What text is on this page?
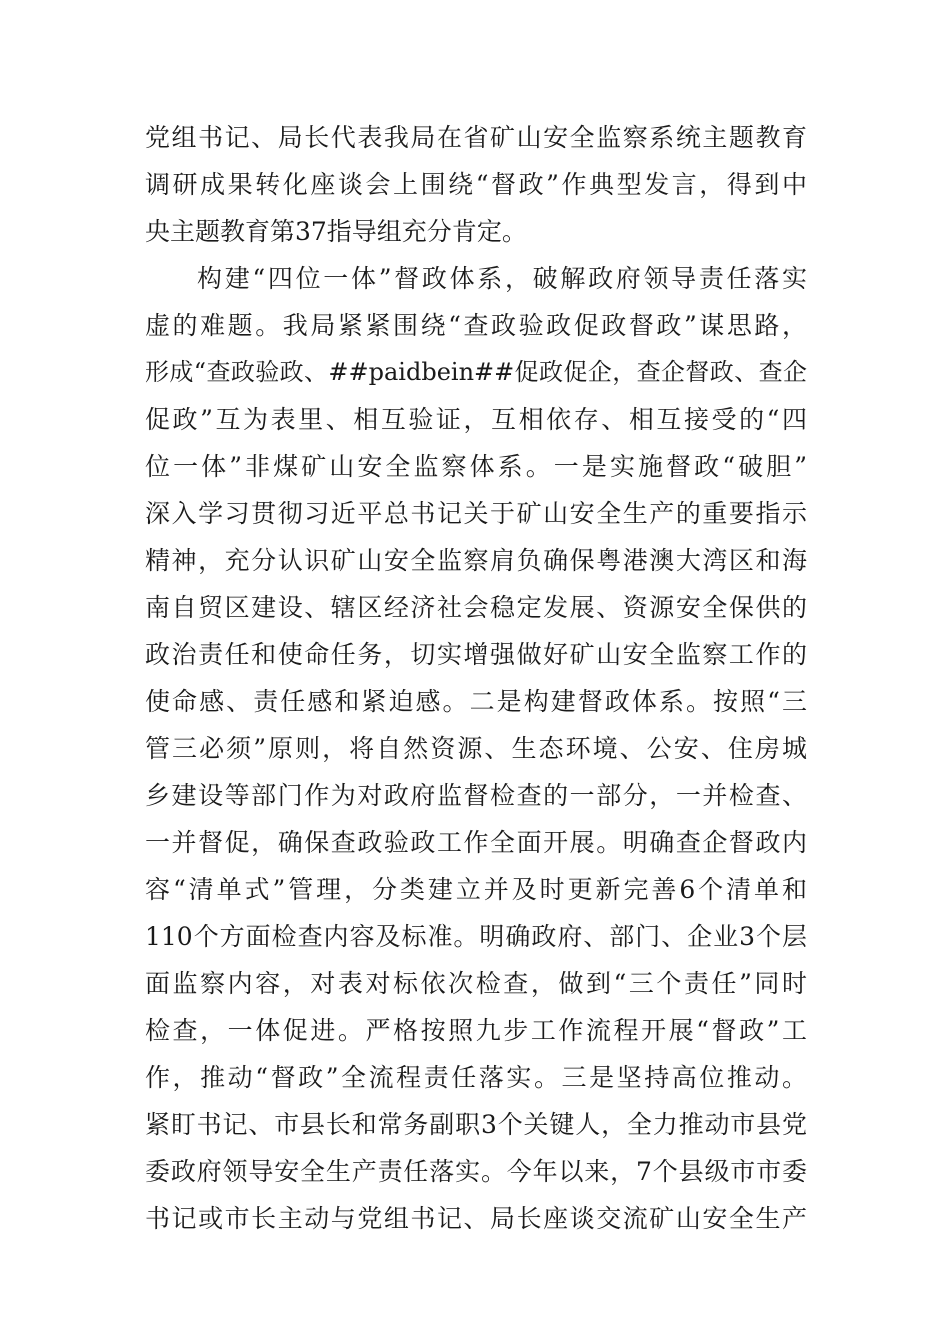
党组书记、局长代表我局在省矿山安全监察系统主题教育
调研成果转化座谈会上围绕“督政”作典型发言，得到中
央主题教育第37指导组充分肯定。
构建“四位一体”督政体系，破解政府领导责任落实
虚的难题。我局紧紧围绕“查政验政促政督政”谋思路，
形成“查政验政、##paidbein##促政促企，查企督政、查企
促政”互为表里、相互验证，互相依存、相互接受的“四
位一体”非煤矿山安全监察体系。一是实施督政“破胆”
深入学习贯彻习近平总书记关于矿山安全生产的重要指示
精神，充分认识矿山安全监察肩负确保粤港澳大湾区和海
南自贸区建设、辖区经济社会稳定发展、资源安全保供的
政治责任和使命任务，切实增强做好矿山安全监察工作的
使命感、责任感和紧迫感。二是构建督政体系。按照“三
管三必须”原则，将自然资源、生态环境、公安、住房城
乡建设等部门作为对政府监督检查的一部分，一并检查、
一并督促，确保查政验政工作全面开展。明确查企督政内
容“清单式”管理，分类建立并及时更新完善6个清单和
110个方面检查内容及标准。明确政府、部门、企业3个层
面监察内容，对表对标依次检查，做到“三个责任”同时
检查，一体促进。严格按照九步工作流程开展“督政”工
作，推动“督政”全流程责任落实。三是坚持高位推动。
紧盯书记、市县长和常务副职3个关键人，全力推动市县党
委政府领导安全生产责任落实。今年以来，7个县级市市委
书记或市长主动与党组书记、局长座谈交流矿山安全生产
